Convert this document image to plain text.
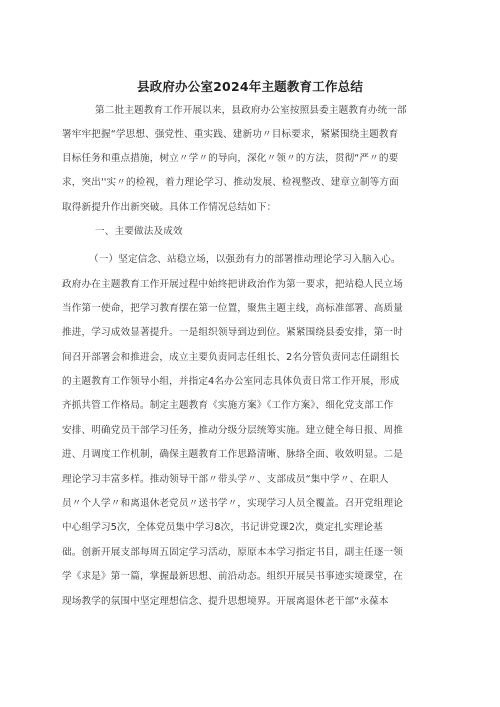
县政府办公室2024年主题教育工作总结
第二批主题教育工作开展以来，县政府办公室按照县委主题教育办统一部
署牢牢把握“学思想、强党性、重实践、建新功〃目标要求，紧紧围绕主题教育
目标任务和重点措施，树立〃学〃的导向，深化〃领〃的方法，贯彻“严〃的要
求，突出''实〃的检视，着力理论学习、推动发展、检视整改、建章立制等方面
取得新提升作出新突破。具体工作情况总结如下：
一、主要做法及成效
（一）坚定信念、站稳立场，以强劲有力的部署推动理论学习入脑入心。
政府办在主题教育工作开展过程中始终把讲政治作为第一要求，把站稳人民立场
当作第一使命，把学习教育摆在第一位置，聚焦主题主线，高标准部署、高质量
推进，学习成效显著提升。一是组织领导到边到位。紧紧围绕县委安排，第一时
间召开部署会和推进会，成立主要负责同志任组长、2名分管负责同志任副组长
的主题教育工作领导小组，并指定4名办公室同志具体负责日常工作开展，形成
齐抓共管工作格局。制定主题教育《实施方案》《工作方案》、细化党支部工作
安排、明确党员干部学习任务，推动分级分层统筹实施。建立健全每日报、周推
进、月调度工作机制，确保主题教育工作思路清晰、脉络全面、收效明显。二是
理论学习丰富多样。推动领导干部〃带头学〃、支部成员“集中学〃、在职人
员〃个人学〃和离退休老党员〃送书学〃，实现学习人员全覆盖。召开党组理论
中心组学习5次，全体党员集中学习8次，书记讲党课2次，奠定扎实理论基
础。创新开展支部每周五固定学习活动，原原本本学习指定书目，副主任逐一领
学《求是》第一篇，掌握最新思想、前沿动态。组织开展吴书事迹实境课堂，在
现场教学的氛围中坚定理想信念、提升思想境界。开展离退休老干部“永葆本
